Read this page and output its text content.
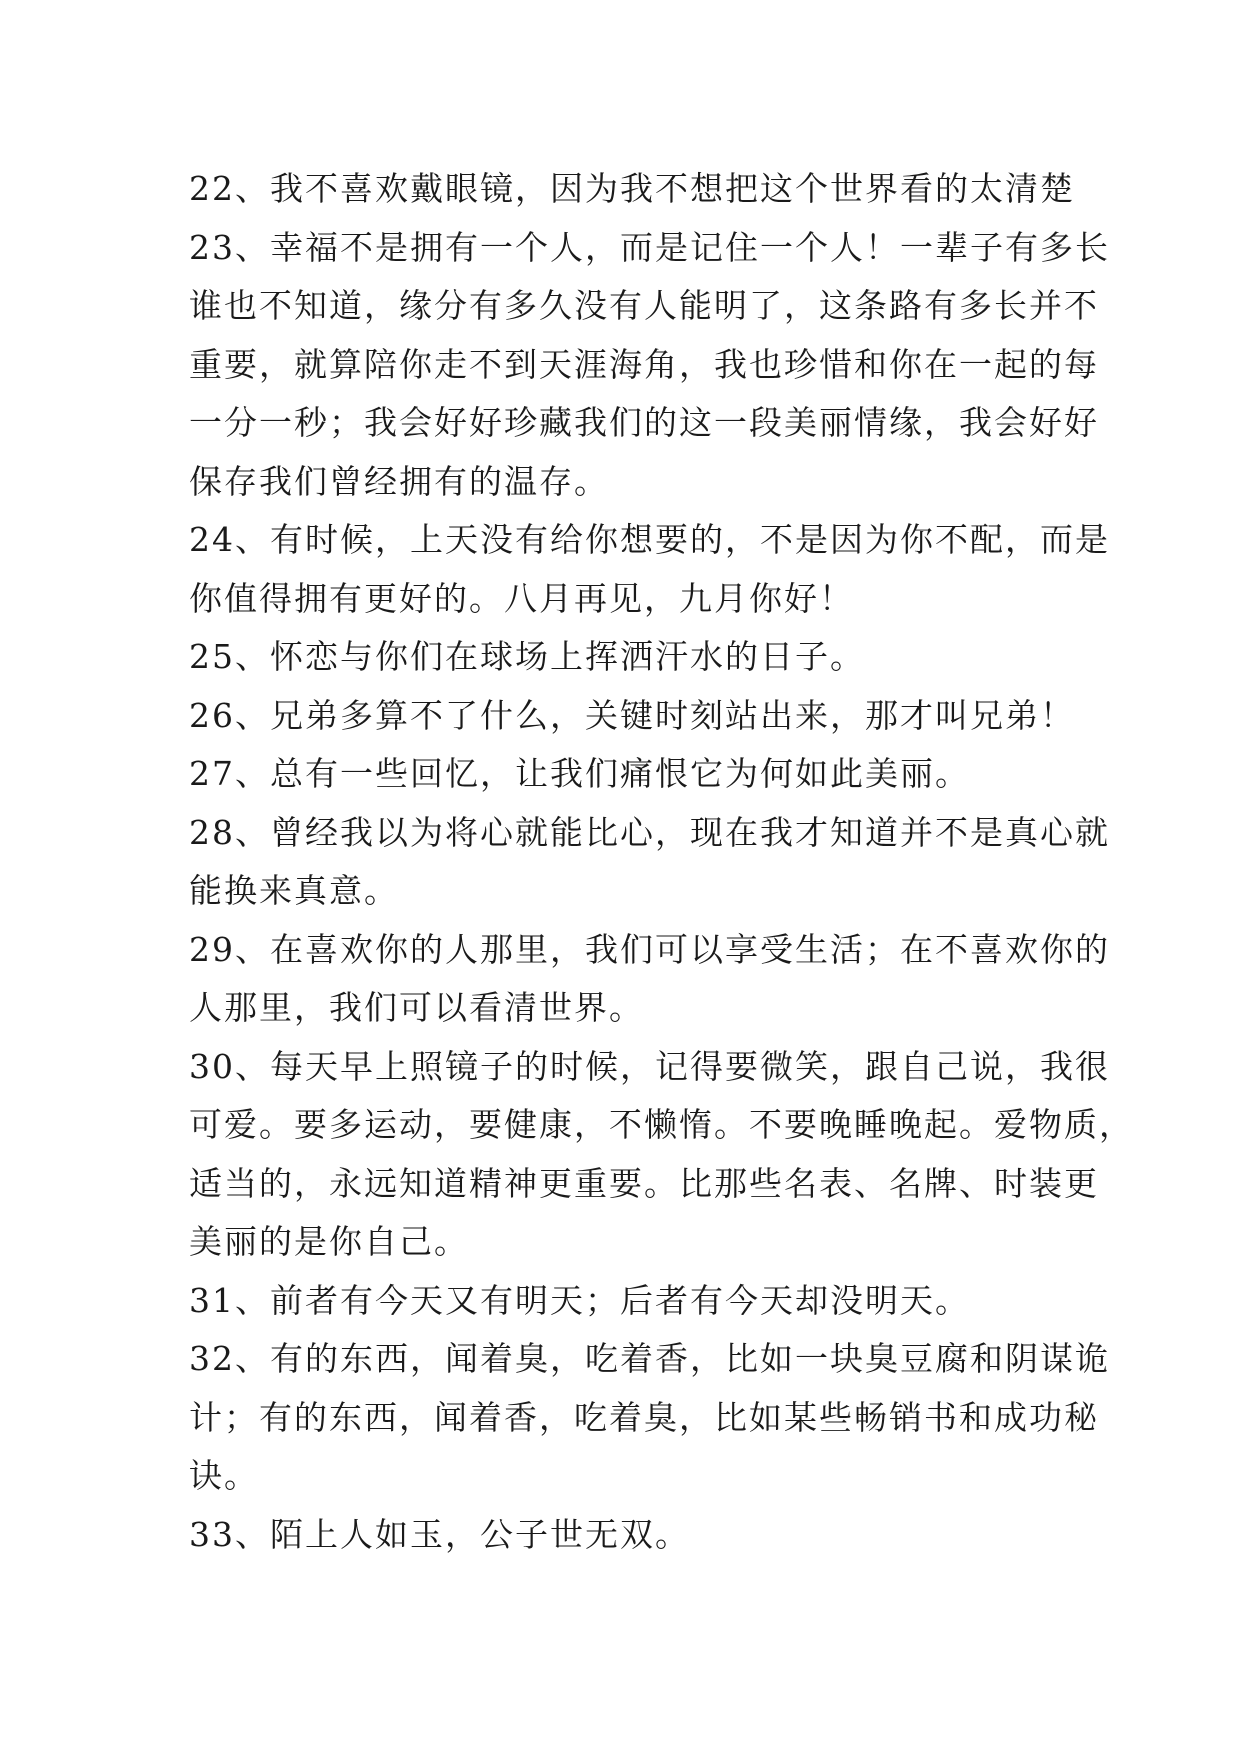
22、我不喜欢戴眼镜，因为我不想把这个世界看的太清楚
23、幸福不是拥有一个人，而是记住一个人！一辈子有多长
谁也不知道，缘分有多久没有人能明了，这条路有多长并不
重要，就算陪你走不到天涯海角，我也珍惜和你在一起的每
一分一秒；我会好好珍藏我们的这一段美丽情缘，我会好好
保存我们曾经拥有的温存。
24、有时候，上天没有给你想要的，不是因为你不配，而是
你值得拥有更好的。八月再见，九月你好！
25、怀恋与你们在球场上挥洒汗水的日子。
26、兄弟多算不了什么，关键时刻站出来，那才叫兄弟！
27、总有一些回忆，让我们痛恨它为何如此美丽。
28、曾经我以为将心就能比心，现在我才知道并不是真心就
能换来真意。
29、在喜欢你的人那里，我们可以享受生活；在不喜欢你的
人那里，我们可以看清世界。
30、每天早上照镜子的时候，记得要微笑，跟自己说，我很
可爱。要多运动，要健康，不懒惰。不要晚睡晚起。爱物质，
适当的，永远知道精神更重要。比那些名表、名牌、时装更
美丽的是你自己。
31、前者有今天又有明天；后者有今天却没明天。
32、有的东西，闻着臭，吃着香，比如一块臭豆腐和阴谋诡
计；有的东西，闻着香，吃着臭，比如某些畅销书和成功秘
诀。
33、陌上人如玉，公子世无双。
